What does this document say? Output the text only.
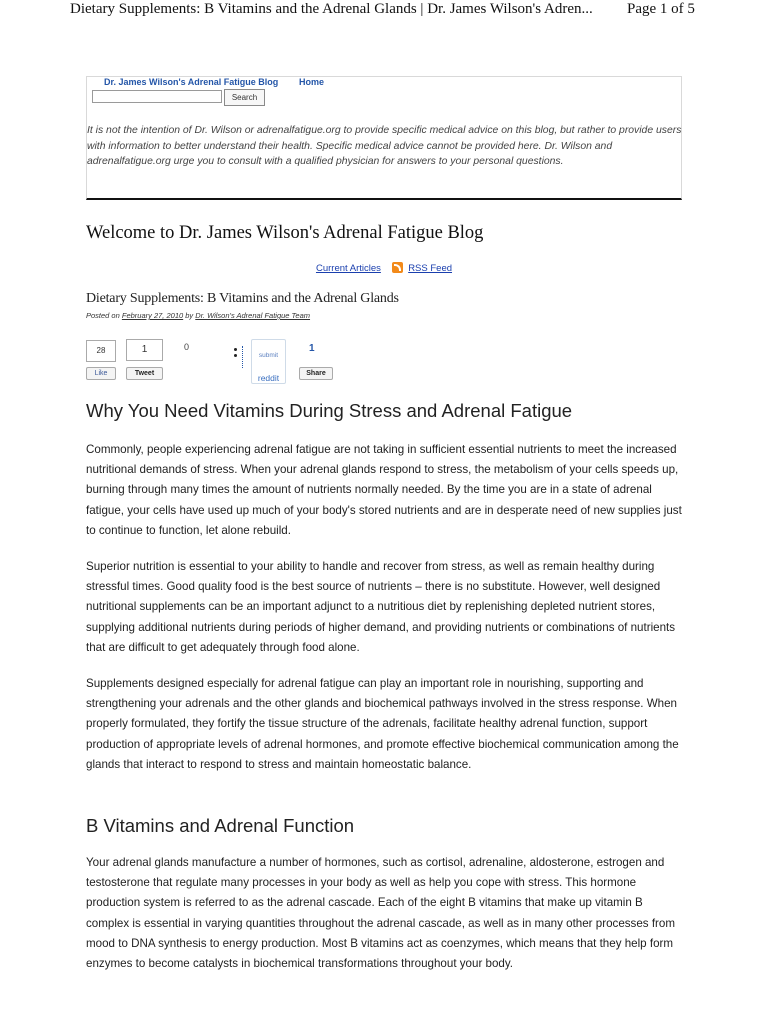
Dietary Supplements: B Vitamins and the Adrenal Glands | Dr. James Wilson's Adren... Page 1 of 5
Dr. James Wilson's Adrenal Fatigue Blog Home
Search
It is not the intention of Dr. Wilson or adrenalfatigue.org to provide specific medical advice on this blog, but rather to provide users with information to better understand their health. Specific medical advice cannot be provided here. Dr. Wilson and adrenalfatigue.org urge you to consult with a qualified physician for answers to your personal questions.
Welcome to Dr. James Wilson's Adrenal Fatigue Blog
Current Articles	RSS Feed
Dietary Supplements: B Vitamins and the Adrenal Glands
Posted on February 27, 2010 by Dr. Wilson's Adrenal Fatigue Team
28
Like
1
Tweet
0
submit
reddit
1
Share
Why You Need Vitamins During Stress and Adrenal Fatigue

Commonly, people experiencing adrenal fatigue are not taking in sufficient essential nutrients to meet the increased nutritional demands of stress. When your adrenal glands respond to stress, the metabolism of your cells speeds up, burning through many times the amount of nutrients normally needed. By the time you are in a state of adrenal fatigue, your cells have used up much of your body's stored nutrients and are in desperate need of new supplies just to continue to function, let alone rebuild.

Superior nutrition is essential to your ability to handle and recover from stress, as well as remain healthy during stressful times. Good quality food is the best source of nutrients – there is no substitute. However, well designed nutritional supplements can be an important adjunct to a nutritious diet by replenishing depleted nutrient stores, supplying additional nutrients during periods of higher demand, and providing nutrients or combinations of nutrients that are difficult to get adequately through food alone.

Supplements designed especially for adrenal fatigue can play an important role in nourishing, supporting and strengthening your adrenals and the other glands and biochemical pathways involved in the stress response. When properly formulated, they fortify the tissue structure of the adrenals, facilitate healthy adrenal function, support production of appropriate levels of adrenal hormones, and promote effective biochemical communication among the glands that interact to respond to stress and maintain homeostatic balance.

B Vitamins and Adrenal Function

Your adrenal glands manufacture a number of hormones, such as cortisol, adrenaline, aldosterone, estrogen and testosterone that regulate many processes in your body as well as help you cope with stress. This hormone production system is referred to as the adrenal cascade. Each of the eight B vitamins that make up vitamin B complex is essential in varying quantities throughout the adrenal cascade, as well as in many other processes from mood to DNA synthesis to energy production. Most B vitamins act as coenzymes, which means that they help form enzymes to become catalysts in biochemical transformations throughout your body.
